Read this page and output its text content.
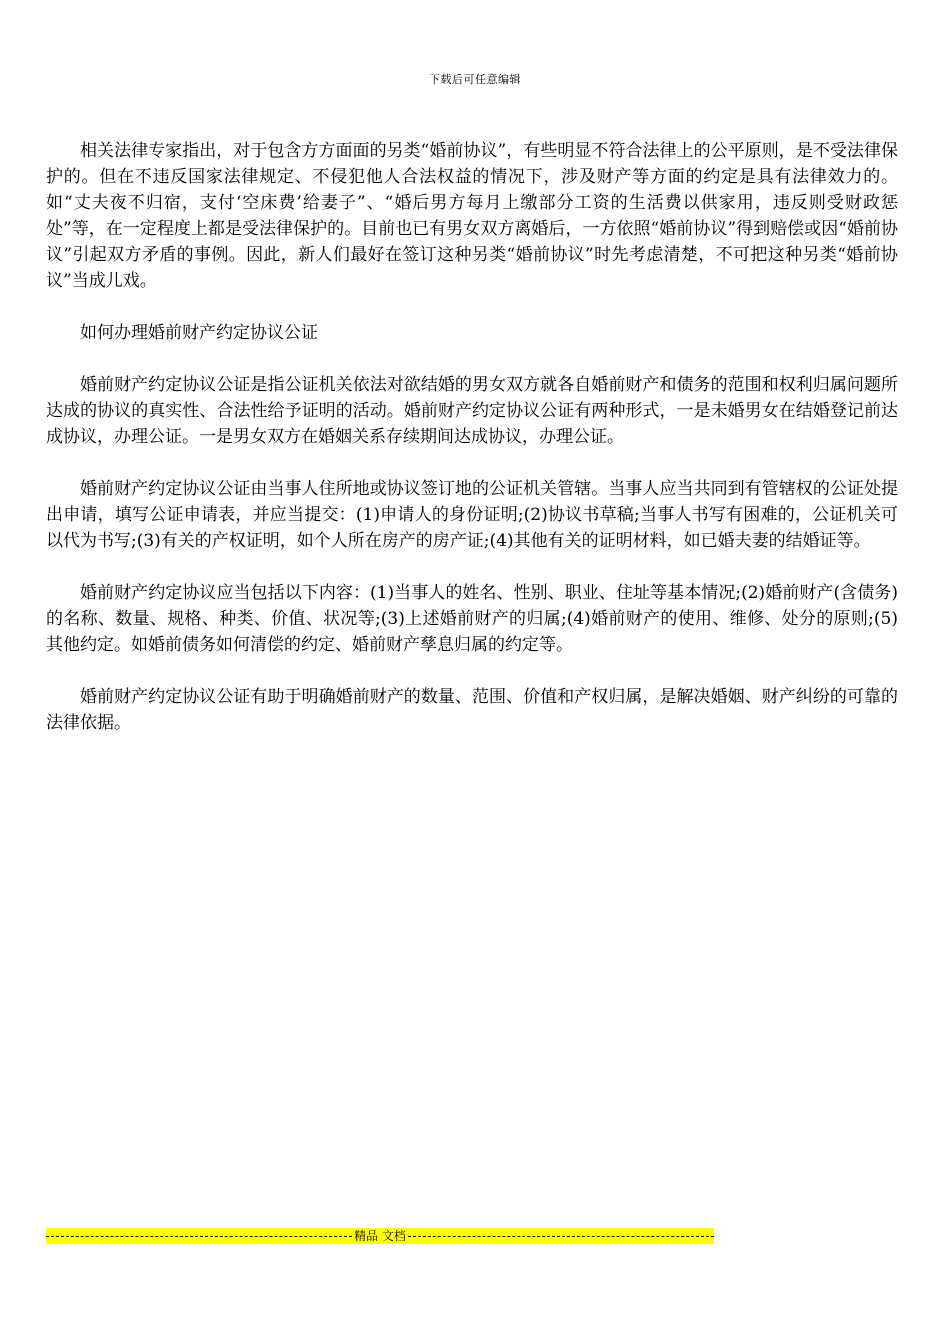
下载后可任意编辑

相关法律专家指出，对于包含方方面面的另类“婚前协议”，有些明显不符合法律上的公平原则，是不受法律保护的。但在不违反国家法律规定、不侵犯他人合法权益的情况下，涉及财产等方面的约定是具有法律效力的。如“丈夫夜不归宿，支付‘空床费’给妻子”、“婚后男方每月上缴部分工资的生活费以供家用，违反则受财政惩处”等，在一定程度上都是受法律保护的。目前也已有男女双方离婚后，一方依照“婚前协议”得到赔偿或因“婚前协议”引起双方矛盾的事例。因此，新人们最好在签订这种另类“婚前协议”时先考虑清楚，不可把这种另类“婚前协议”当成儿戏。

如何办理婚前财产约定协议公证

婚前财产约定协议公证是指公证机关依法对欲结婚的男女双方就各自婚前财产和债务的范围和权利归属问题所达成的协议的真实性、合法性给予证明的活动。婚前财产约定协议公证有两种形式，一是未婚男女在结婚登记前达成协议，办理公证。一是男女双方在婚姻关系存续期间达成协议，办理公证。

婚前财产约定协议公证由当事人住所地或协议签订地的公证机关管辖。当事人应当共同到有管辖权的公证处提出申请，填写公证申请表，并应当提交：(1)申请人的身份证明;(2)协议书草稿;当事人书写有困难的，公证机关可以代为书写;(3)有关的产权证明，如个人所在房产的房产证;(4)其他有关的证明材料，如已婚夫妻的结婚证等。

婚前财产约定协议应当包括以下内容：(1)当事人的姓名、性别、职业、住址等基本情况;(2)婚前财产(含债务)的名称、数量、规格、种类、价值、状况等;(3)上述婚前财产的归属;(4)婚前财产的使用、维修、处分的原则;(5)其他约定。如婚前债务如何清偿的约定、婚前财产孳息归属的约定等。

婚前财产约定协议公证有助于明确婚前财产的数量、范围、价值和产权归属，是解决婚姻、财产纠纷的可靠的法律依据。

精品 文档
